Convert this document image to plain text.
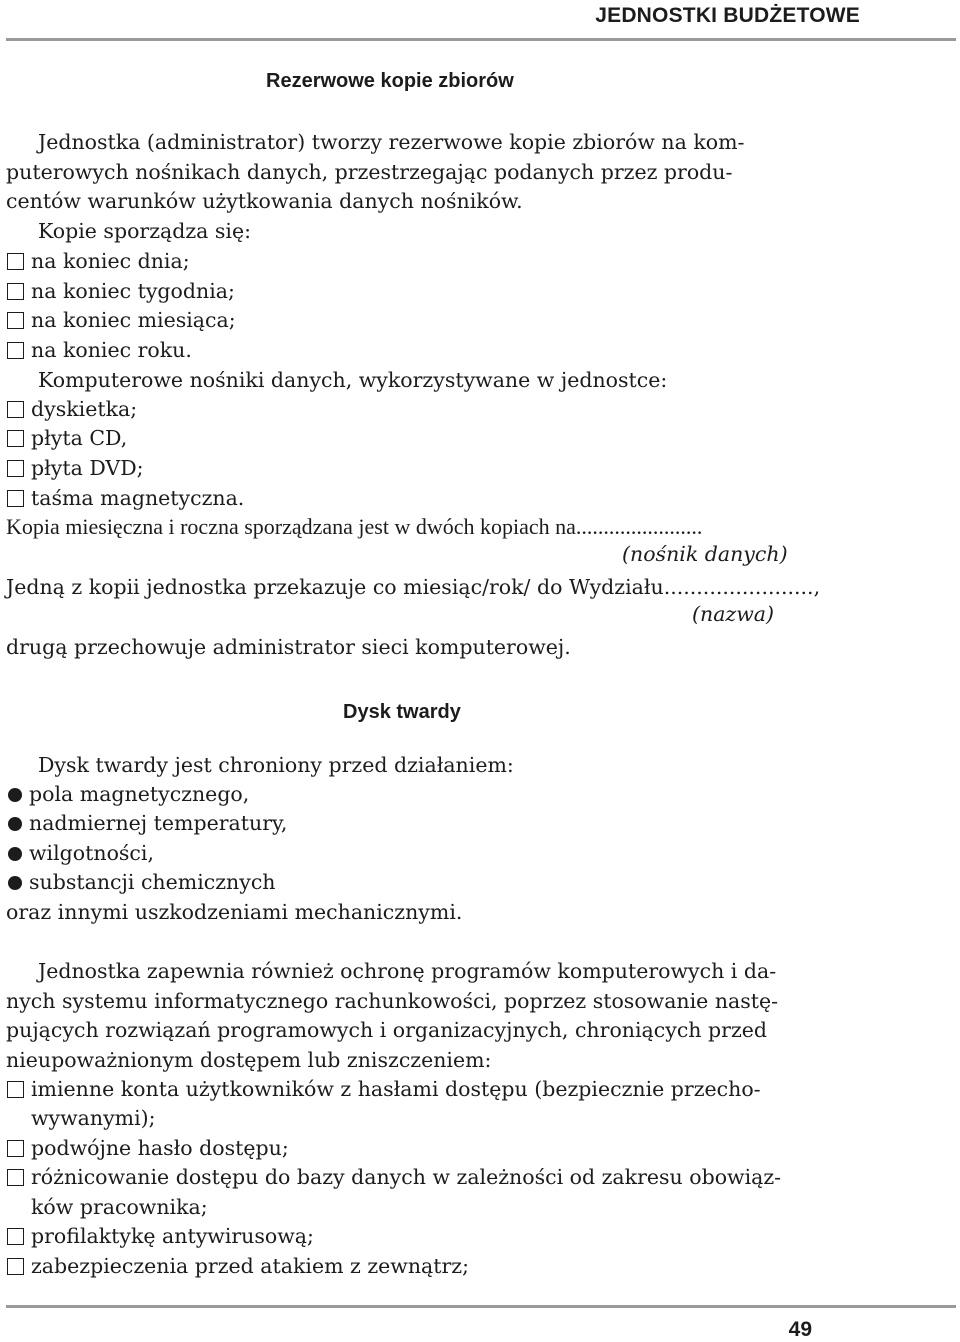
JEDNOSTKI BUDŻETOWE
Rezerwowe kopie zbiorów
Jednostka (administrator) tworzy rezerwowe kopie zbiorów na kom-
puterowych nośnikach danych, przestrzegając podanych przez produ-
centów warunków użytkowania danych nośników.
Kopie sporządza się:
na koniec dnia;
na koniec tygodnia;
na koniec miesiąca;
na koniec roku.
Komputerowe nośniki danych, wykorzystywane w jednostce:
dyskietka;
płyta CD,
płyta DVD;
taśma magnetyczna.
Kopia miesięczna i roczna sporządzana jest w dwóch kopiach na.......................
(nośnik danych)
Jedną z kopii jednostka przekazuje co miesiąc/rok/ do Wydziału.......................,
(nazwa)
drugą przechowuje administrator sieci komputerowej.
Dysk twardy
Dysk twardy jest chroniony przed działaniem:
pola magnetycznego,
nadmiernej temperatury,
wilgotności,
substancji chemicznych
oraz innymi uszkodzeniami mechanicznymi.
Jednostka zapewnia również ochronę programów komputerowych i da-
nych systemu informatycznego rachunkowości, poprzez stosowanie nastę-
pujących rozwiązań programowych i organizacyjnych, chroniących przed
nieupoważnionym dostępem lub zniszczeniem:
imienne konta użytkowników z hasłami dostępu (bezpiecznie przecho-
wywanymi);
podwójne hasło dostępu;
różnicowanie dostępu do bazy danych w zależności od zakresu obowiąz-
ków pracownika;
profilaktykę antywirusową;
zabezpieczenia przed atakiem z zewnątrz;
49
